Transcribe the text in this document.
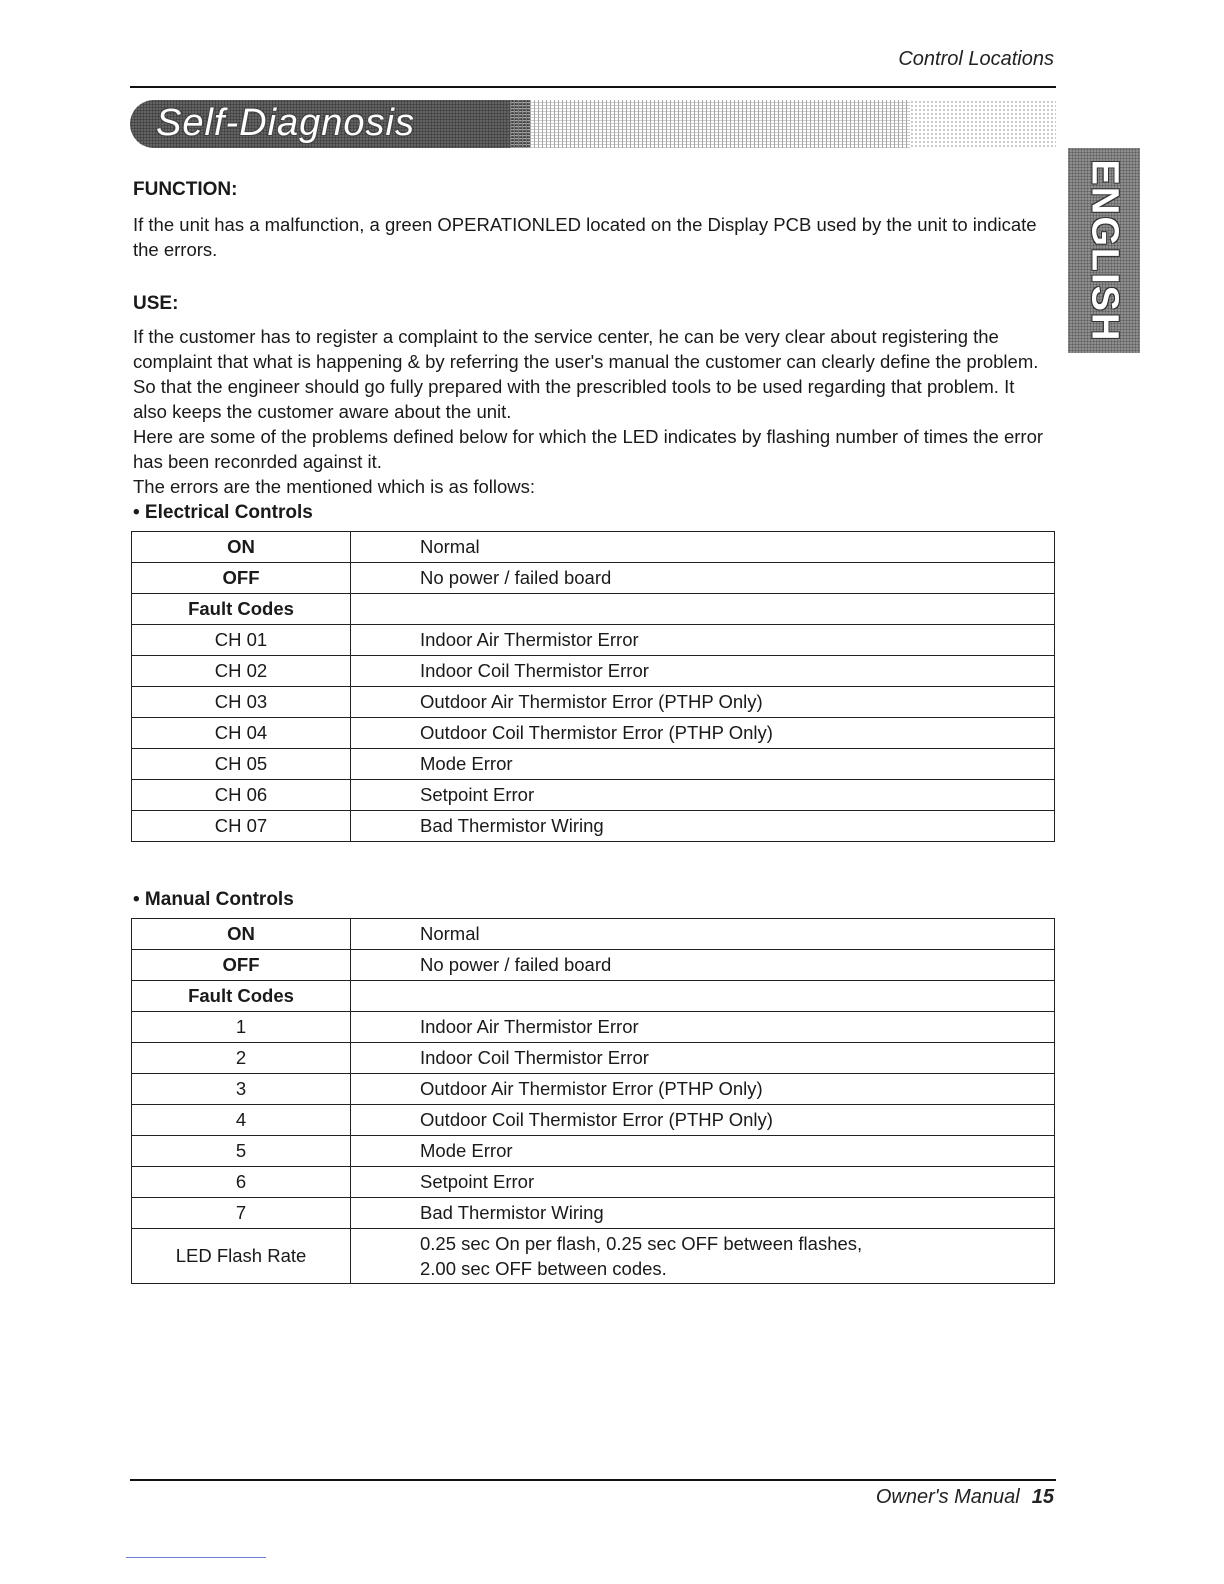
Control Locations
Self-Diagnosis
ENGLISH

FUNCTION:

If the unit has a malfunction, a green OPERATIONLED located on the Display PCB used by the unit to indicate the errors.

USE:

If the customer has to register a complaint to the service center, he can be very clear about registering the complaint that what is happening & by referring the user's manual the customer can clearly define the problem.

So that the engineer should go fully prepared with the prescribled tools to be used regarding that problem. It also keeps the customer aware about the unit.

Here are some of the problems defined below for which the LED indicates by flashing number of times the error has been reconrded against it.

The errors are the mentioned which is as follows:

• Electrical Controls

ON	Normal
OFF	No power / failed board
Fault Codes	
CH 01	Indoor Air Thermistor Error
CH 02	Indoor Coil Thermistor Error
CH 03	Outdoor Air Thermistor Error (PTHP Only)
CH 04	Outdoor Coil Thermistor Error (PTHP Only)
CH 05	Mode Error
CH 06	Setpoint Error
CH 07	Bad Thermistor Wiring

• Manual Controls

ON	Normal
OFF	No power / failed board
Fault Codes	
1	Indoor Air Thermistor Error
2	Indoor Coil Thermistor Error
3	Outdoor Air Thermistor Error (PTHP Only)
4	Outdoor Coil Thermistor Error (PTHP Only)
5	Mode Error
6	Setpoint Error
7	Bad Thermistor Wiring
LED Flash Rate	0.25 sec On per flash, 0.25 sec OFF between flashes,
2.00 sec OFF between codes.
Owner's Manual 15
